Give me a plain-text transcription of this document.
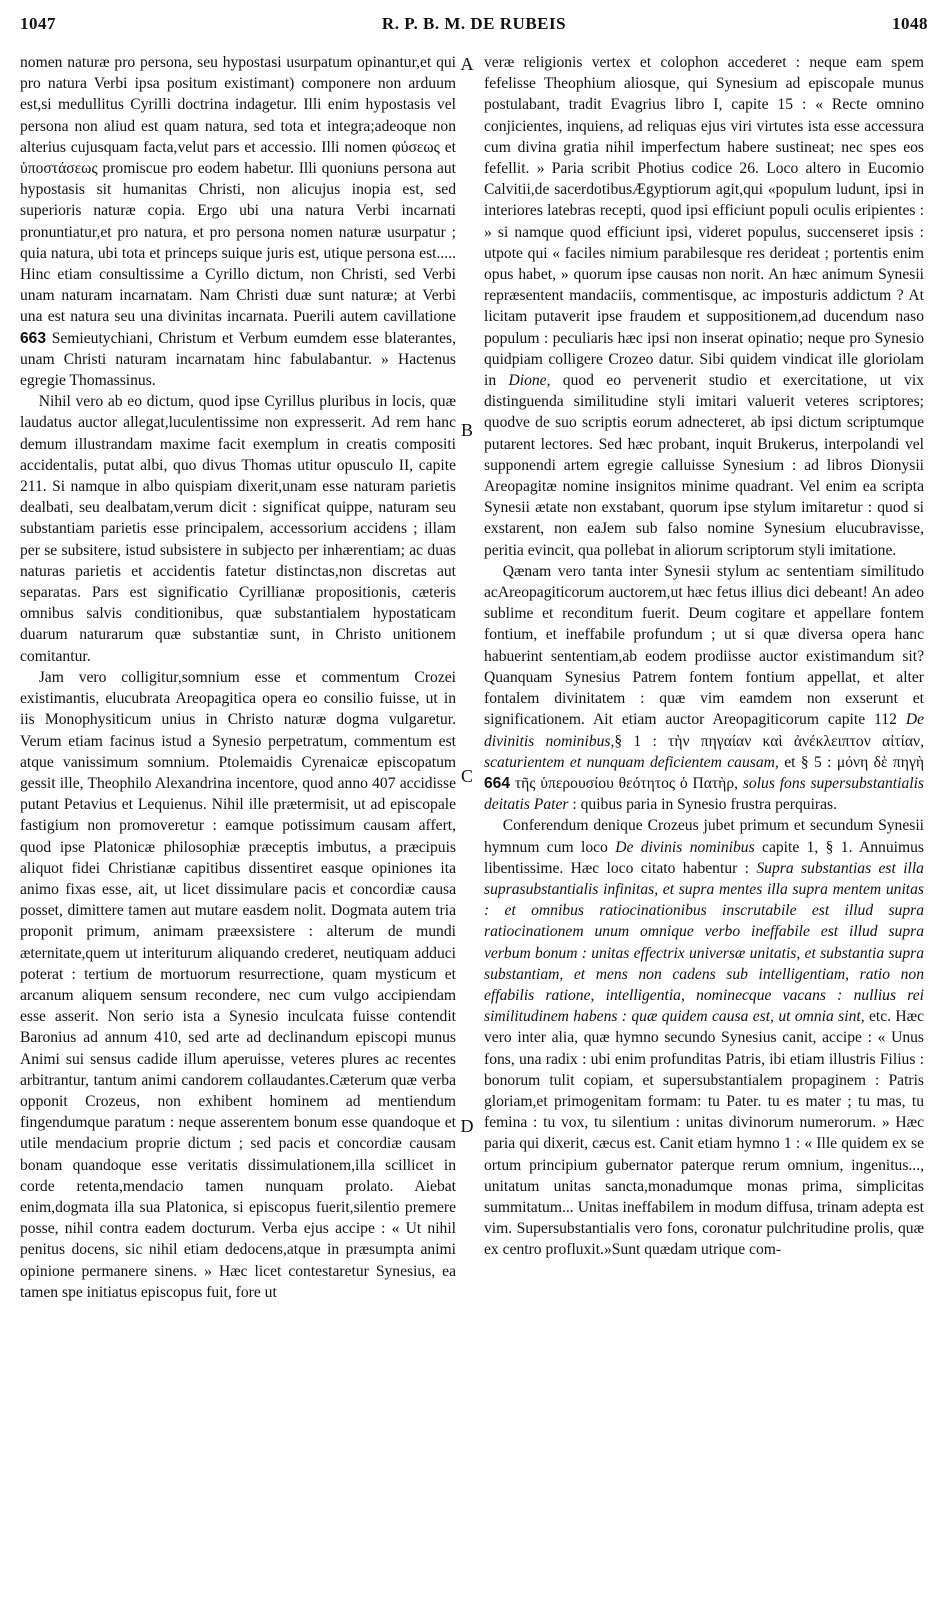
1047	R. P. B. M. DE RUBEIS	1048
A
B
C
D

nomen naturæ pro persona, seu hypostasi usurpatum opinantur,et qui pro natura Verbi ipsa positum existimant) componere non arduum est,si medullitus Cyrilli doctrina indagetur. Illi enim hypostasis vel persona non aliud est quam natura, sed tota et integra;adeoque non alterius cujusquam facta,velut pars et accessio. Illi nomen φύσεως et ὑποστάσεως promiscue pro eodem habetur. Illi quoniuns persona aut hypostasis sit humanitas Christi, non alicujus inopia est, sed superioris naturæ copia. Ergo ubi una natura Verbi incarnati pronuntiatur,et pro natura, et pro persona nomen naturæ usurpatur ; quia natura, ubi tota et princeps suique juris est, utique persona est..... Hinc etiam consultissime a Cyrillo dictum, non Christi, sed Verbi unam naturam incarnatam. Nam Christi duæ sunt naturæ; at Verbi una est natura seu una divinitas incarnata. Puerili autem cavillatione 663 Semieutychiani, Christum et Verbum eumdem esse blaterantes, unam Christi naturam incarnatam hinc fabulabantur. » Hactenus egregie Thomassinus.

Nihil vero ab eo dictum, quod ipse Cyrillus pluribus in locis, quæ laudatus auctor allegat,luculentissime non expresserit. Ad rem hanc demum illustrandam maxime facit exemplum in creatis compositi accidentalis, putat albi, quo divus Thomas utitur opusculo II, capite 211. Si namque in albo quispiam dixerit,unam esse naturam parietis dealbati, seu dealbatam,verum dicit : significat quippe, naturam seu substantiam parietis esse principalem, accessorium accidens ; illam per se subsitere, istud subsistere in subjecto per inhærentiam; ac duas naturas parietis et accidentis fatetur distinctas,non discretas aut separatas. Pars est significatio Cyrillianæ propositionis, cæteris omnibus salvis conditionibus, quæ substantialem hypostaticam duarum naturarum quæ substantiæ sunt, in Christo unitionem comitantur.

Jam vero colligitur,somnium esse et commentum Crozei existimantis, elucubrata Areopagitica opera eo consilio fuisse, ut in iis Monophysiticum unius in Christo naturæ dogma vulgaretur. Verum etiam facinus istud a Synesio perpetratum, commentum est atque vanissimum somnium. Ptolemaidis Cyrenaicæ episcopatum gessit ille, Theophilo Alexandrina incentore, quod anno 407 accidisse putant Petavius et Lequienus. Nihil ille prætermisit, ut ad episcopale fastigium non promoveretur : eamque potissimum causam affert, quod ipse Platonicæ philosophiæ præceptis imbutus, a præcipuis aliquot fidei Christianæ capitibus dissentiret easque opiniones ita animo fixas esse, ait, ut licet dissimulare pacis et concordiæ causa posset, dimittere tamen aut mutare easdem nolit. Dogmata autem tria proponit primum, animam præexsistere : alterum de mundi æternitate,quem ut interiturum aliquando crederet, neutiquam adduci poterat : tertium de mortuorum resurrectione, quam mysticum et arcanum aliquem sensum recondere, nec cum vulgo accipiendam esse asserit. Non serio ista a Synesio inculcata fuisse contendit Baronius ad annum 410, sed arte ad declinandum episcopi munus Animi sui sensus cadide illum aperuisse, veteres plures ac recentes arbitrantur, tantum animi candorem collaudantes.Cæterum quæ verba opponit Crozeus, non exhibent hominem ad mentiendum fingendumque paratum : neque asserentem bonum esse quandoque et utile mendacium proprie dictum ; sed pacis et concordiæ causam bonam quandoque esse veritatis dissimulationem,illa scillicet in corde retenta,mendacio tamen nunquam prolato. Aiebat enim,dogmata illa sua Platonica, si episcopus fuerit,silentio premere posse, nihil contra eadem docturum. Verba ejus accipe : « Ut nihil penitus docens, sic nihil etiam dedocens,atque in præsumpta animi opinione permanere sinens. » Hæc licet contestaretur Synesius, ea tamen spe initiatus episcopus fuit, fore ut

veræ religionis vertex et colophon accederet : neque eam spem fefelisse Theophium aliosque, qui Synesium ad episcopale munus postulabant, tradit Evagrius libro I, capite 15 : « Recte omnino conjicientes, inquiens, ad reliquas ejus viri virtutes ista esse accessura cum divina gratia nihil imperfectum habere sustineat; nec spes eos fefellit. » Paria scribit Photius codice 26. Loco altero in Eucomio Calvitii,de sacerdotibusÆgyptiorum agit,qui «populum ludunt, ipsi in interiores latebras recepti, quod ipsi efficiunt populi oculis eripientes : » si namque quod efficiunt ipsi, videret populus, succenseret ipsis : utpote qui « faciles nimium parabilesque res derideat ; portentis enim opus habet, » quorum ipse causas non norit. An hæc animum Synesii repræsentent mandaciis, commentisque, ac imposturis addictum ? At licitam putaverit ipse fraudem et suppositionem,ad ducendum naso populum : peculiaris hæc ipsi non inserat opinatio; neque pro Synesio quidpiam colligere Crozeo datur. Sibi quidem vindicat ille gloriolam in Dione, quod eo pervenerit studio et exercitatione, ut vix distinguenda similitudine styli imitari valuerit veteres scriptores; quodve de suo scriptis eorum adnecteret, ab ipsi dictum scriptumque putarent lectores. Sed hæc probant, inquit Brukerus, interpolandi vel supponendi artem egregie calluisse Synesium : ad libros Dionysii Areopagitæ nomine insignitos minime quadrant. Vel enim ea scripta Synesii ætate non exstabant, quorum ipse stylum imitaretur : quod si exstarent, non eaJem sub falso nomine Synesium elucubravisse, peritia evincit, qua pollebat in aliorum scriptorum styli imitatione.

Qænam vero tanta inter Synesii stylum ac sententiam similitudo acAreopagiticorum auctorem,ut hæc fetus illius dici debeant! An adeo sublime et reconditum fuerit. Deum cogitare et appellare fontem fontium, et ineffabile profundum ; ut si quæ diversa opera hanc habuerint sententiam,ab eodem prodiisse auctor existimandum sit? Quanquam Synesius Patrem fontem fontium appellat, et alter fontalem divinitatem : quæ vim eamdem non exserunt et significationem. Ait etiam auctor Areopagiticorum capite 112 De divinitis nominibus,§ 1 : τὴν πηγαίαν καὶ ἀνέκλειπτον αἰτίαν, scaturientem et nunquam deficientem causam, et § 5 : μόνη δὲ πηγὴ 664 τῆς ὑπερουσίου θεότητος ὁ Πατὴρ, solus fons supersubstantialis deitatis Pater : quibus paria in Synesio frustra perquiras.

Conferendum denique Crozeus jubet primum et secundum Synesii hymnum cum loco De divinis nominibus capite 1, § 1. Annuimus libentissime. Hæc loco citato habentur : Supra substantias est illa suprasubstantialis infinitas, et supra mentes illa supra mentem unitas : et omnibus ratiocinationibus inscrutabile est illud supra ratiocinationem unum omnique verbo ineffabile est illud supra verbum bonum : unitas effectrix universæ unitatis, et substantia supra substantiam, et mens non cadens sub intelligentiam, ratio non effabilis ratione, intelligentia, nominecque vacans : nullius rei similitudinem habens : quæ quidem causa est, ut omnia sint, etc. Hæc vero inter alia, quæ hymno secundo Synesius canit, accipe : « Unus fons, una radix : ubi enim profunditas Patris, ibi etiam illustris Filius : bonorum tulit copiam, et supersubstantialem propaginem : Patris gloriam,et primogenitam formam: tu Pater. tu es mater ; tu mas, tu femina : tu vox, tu silentium : unitas divinorum numerorum. » Hæc paria qui dixerit, cæcus est. Canit etiam hymno 1 : « Ille quidem ex se ortum principium gubernator paterque rerum omnium, ingenitus..., unitatum unitas sancta,monadumque monas prima, simplicitas summitatum... Unitas ineffabilem in modum diffusa, trinam adepta est vim. Supersubstantialis vero fons, coronatur pulchritudine prolis, quæ ex centro profluxit.»Sunt quædam utrique com-
